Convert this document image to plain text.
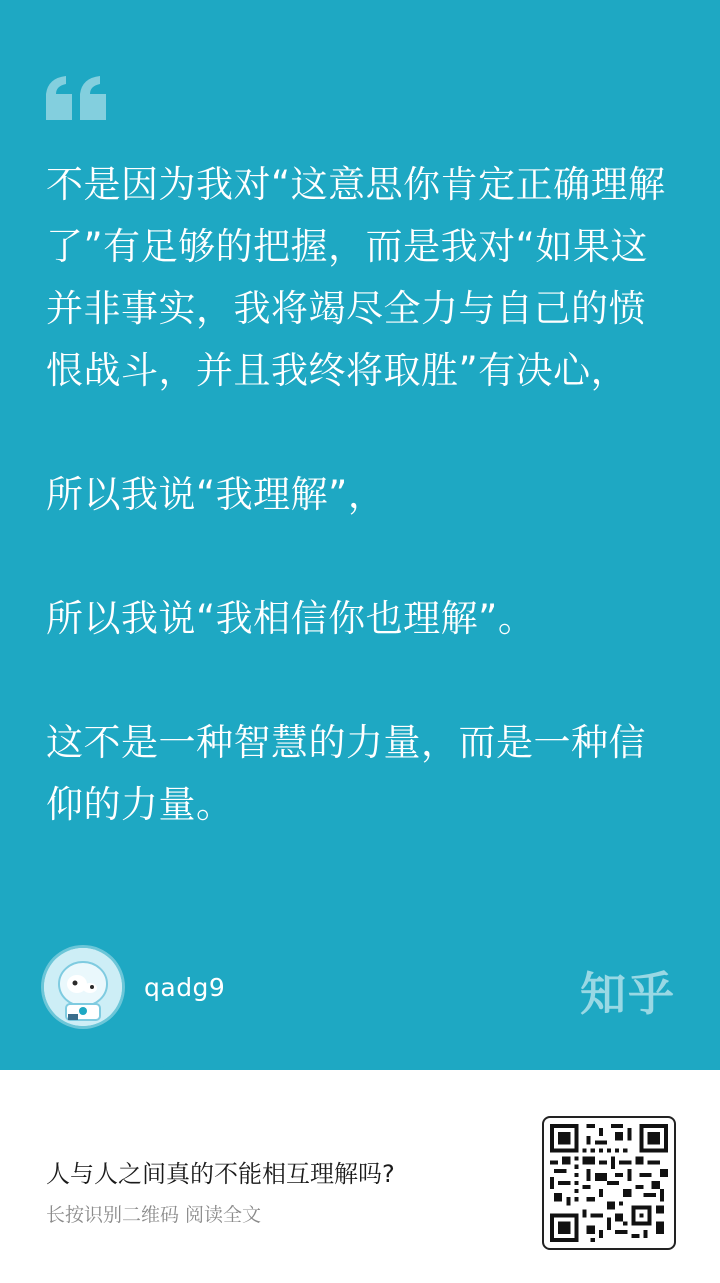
不是因为我对“这意思你肯定正确理解了”有足够的把握，而是我对“如果这并非事实，我将竭尽全力与自己的愤恨战斗，并且我终将取胜”有决心，

所以我说“我理解”，

所以我说“我相信你也理解”。

这不是一种智慧的力量，而是一种信仰的力量。

qadg9	知乎
人与人之间真的不能相互理解吗?
长按识别二维码 阅读全文
